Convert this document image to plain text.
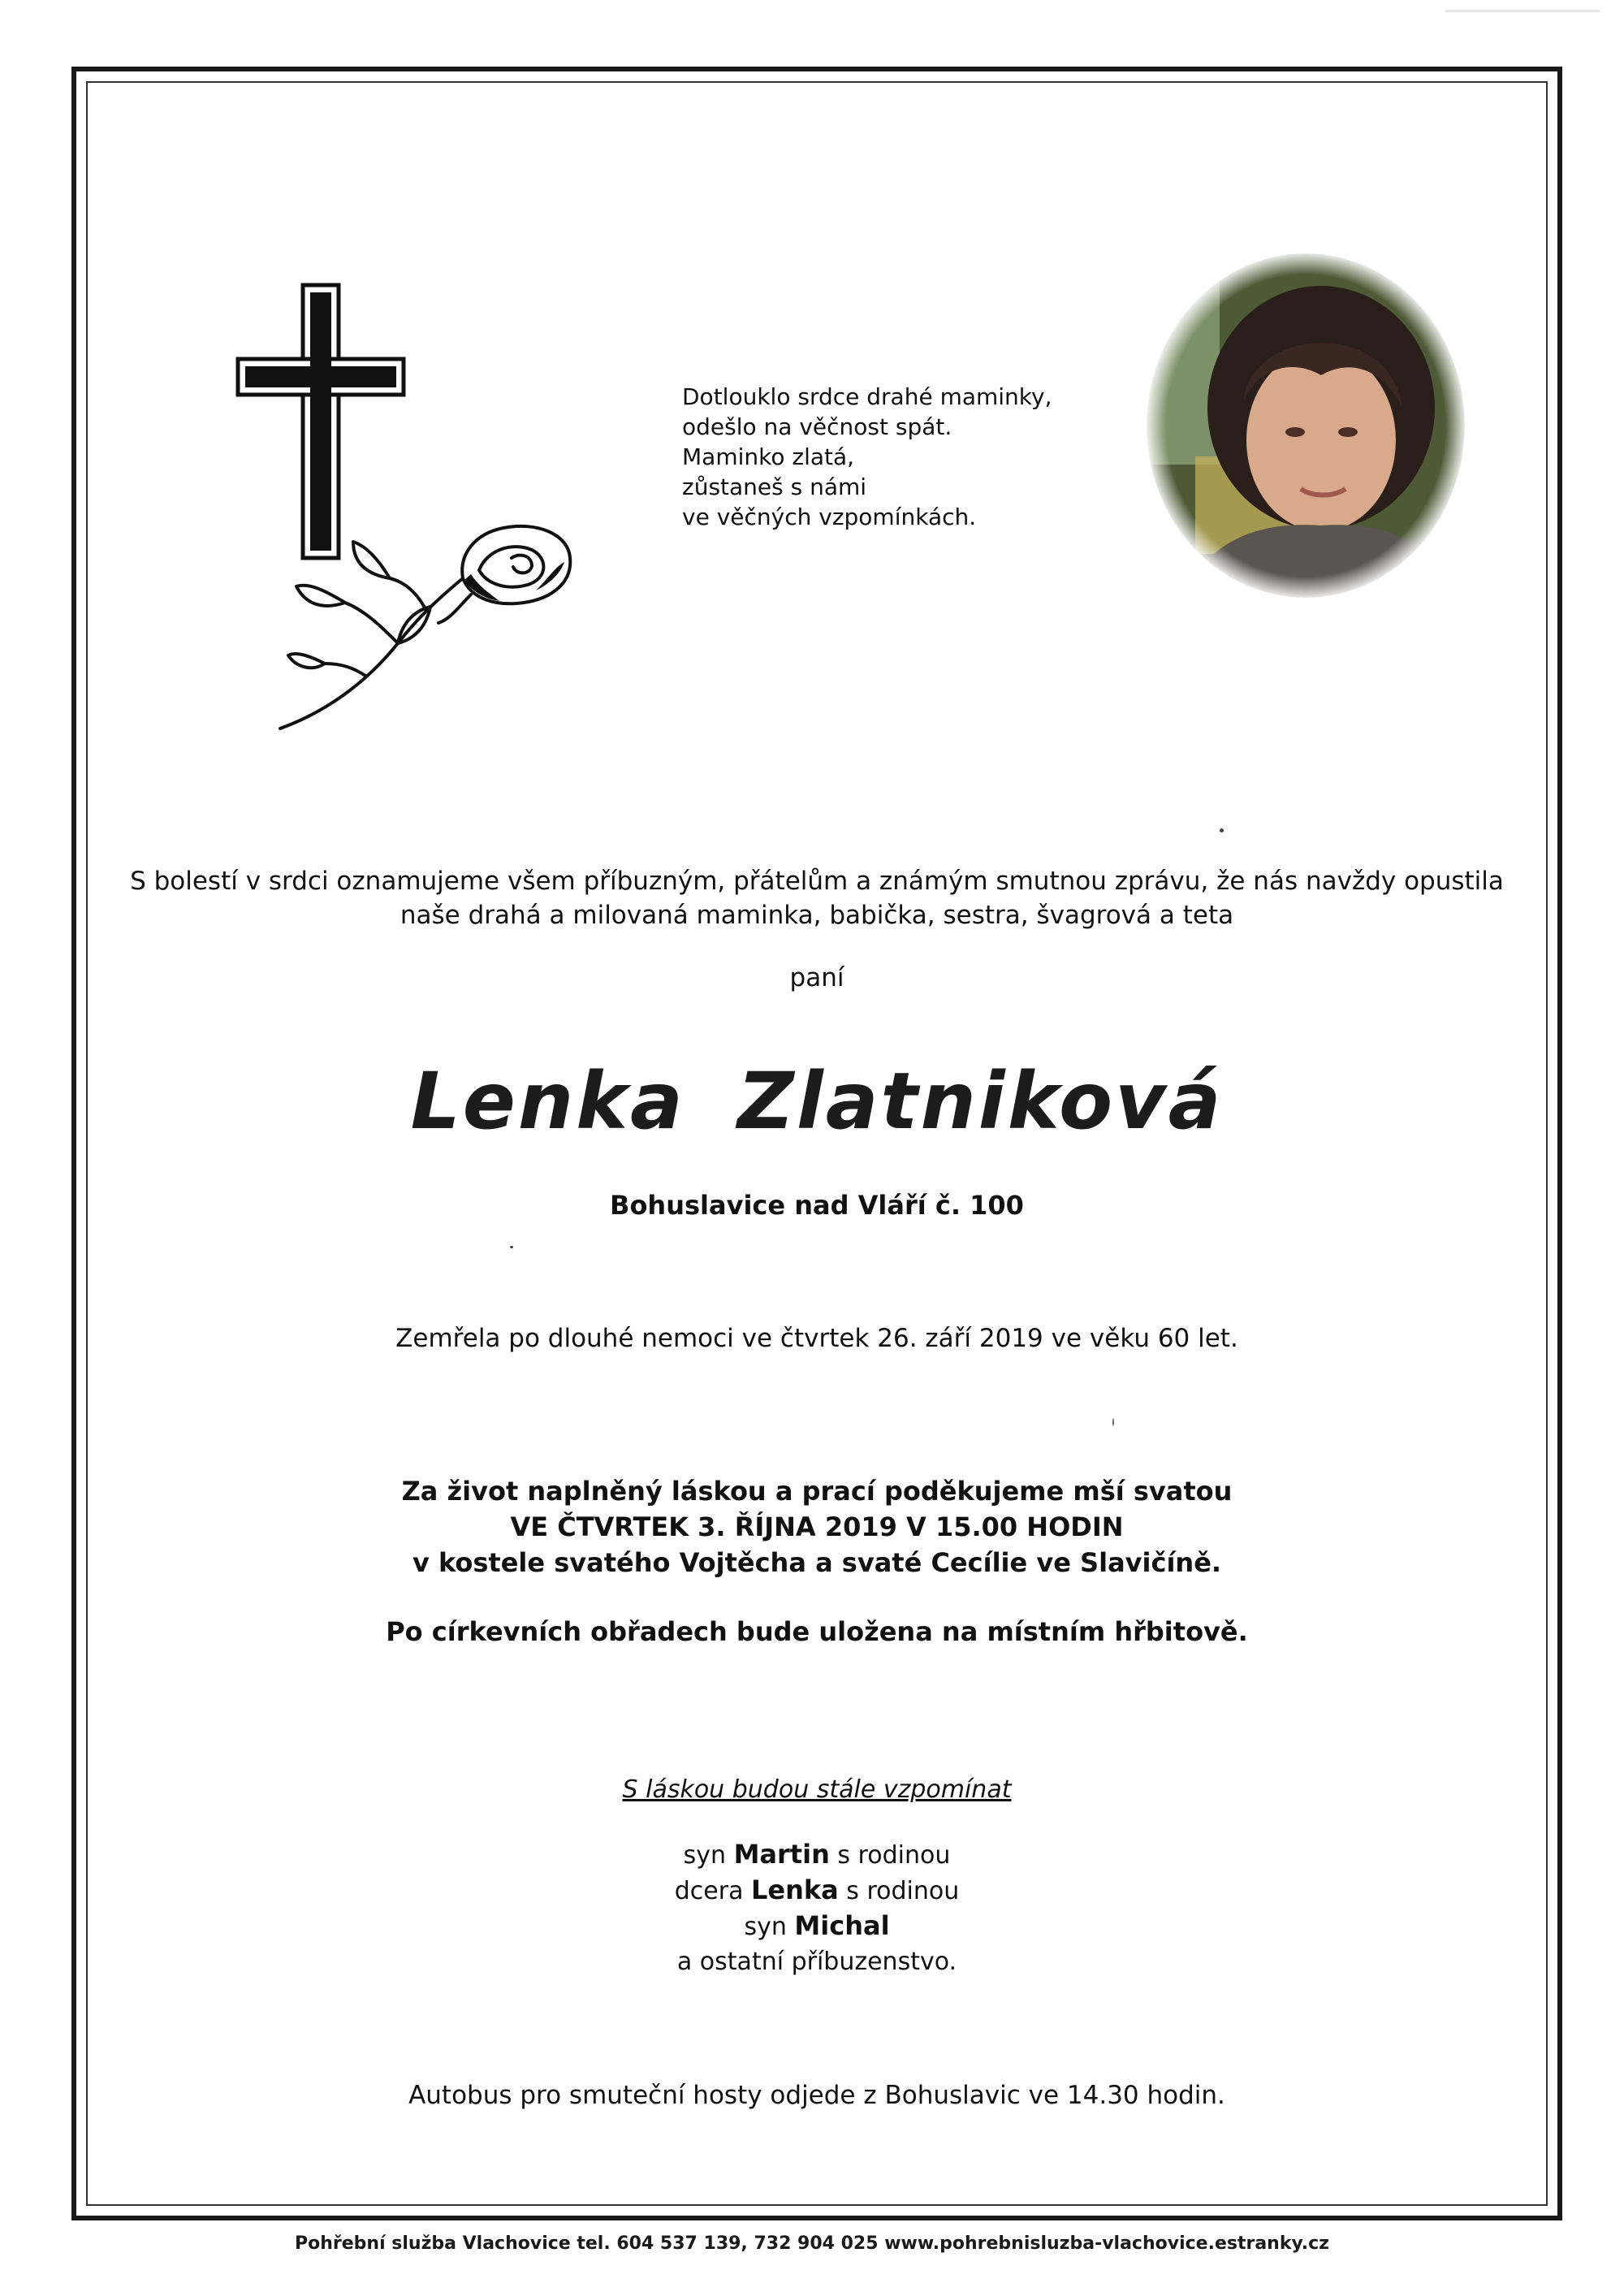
Dotlouklo srdce drahé maminky,
odešlo na věčnost spát.
Maminko zlatá,
zůstaneš s námi
ve věčných vzpomínkách.
S bolestí v srdci oznamujeme všem příbuzným, přátelům a známým smutnou zprávu, že nás navždy opustila
naše drahá a milovaná maminka, babička, sestra, švagrová a teta
paní
Lenka Zlatniková
Bohuslavice nad Vláří č. 100
Zemřela po dlouhé nemoci ve čtvrtek 26. září 2019 ve věku 60 let.
Za život naplněný láskou a prací poděkujeme mší svatou
VE ČTVRTEK 3. ŘÍJNA 2019 V 15.00 HODIN
v kostele svatého Vojtěcha a svaté Cecílie ve Slavičíně.
Po církevních obřadech bude uložena na místním hřbitově.
S láskou budou stále vzpomínat
syn Martin s rodinou
dcera Lenka s rodinou
syn Michal
a ostatní příbuzenstvo.
Autobus pro smuteční hosty odjede z Bohuslavic ve 14.30 hodin.
Pohřební služba Vlachovice tel. 604 537 139, 732 904 025 www.pohrebnisluzba-vlachovice.estranky.cz
